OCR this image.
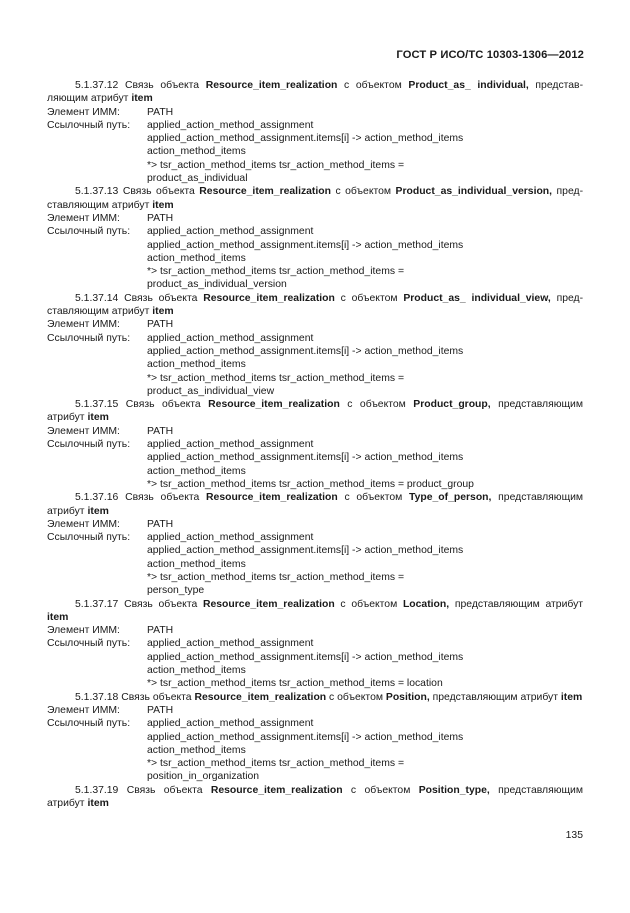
ГОСТ Р ИСО/ТС 10303-1306—2012
5.1.37.12 Связь объекта Resource_item_realization с объектом Product_as_ individual, представ-ляющим атрибут item
Элемент ИММ:	PATH
Ссылочный путь:	applied_action_method_assignment
applied_action_method_assignment.items[i] -> action_method_items
action_method_items
*> tsr_action_method_items tsr_action_method_items =
product_as_individual
5.1.37.13 Связь объекта Resource_item_realization с объектом Product_as_individual_version, пред-ставляющим атрибут item
Элемент ИММ:	PATH
Ссылочный путь:	applied_action_method_assignment
applied_action_method_assignment.items[i] -> action_method_items
action_method_items
*> tsr_action_method_items tsr_action_method_items =
product_as_individual_version
5.1.37.14 Связь объекта Resource_item_realization с объектом Product_as_ individual_view, пред-ставляющим атрибут item
Элемент ИММ:	PATH
Ссылочный путь:	applied_action_method_assignment
applied_action_method_assignment.items[i] -> action_method_items
action_method_items
*> tsr_action_method_items tsr_action_method_items =
product_as_individual_view
5.1.37.15 Связь объекта Resource_item_realization с объектом Product_group, представляющим атрибут item
Элемент ИММ:	PATH
Ссылочный путь:	applied_action_method_assignment
applied_action_method_assignment.items[i] -> action_method_items
action_method_items
*> tsr_action_method_items tsr_action_method_items = product_group
5.1.37.16 Связь объекта Resource_item_realization с объектом Type_of_person, представляющим атрибут item
Элемент ИММ:	PATH
Ссылочный путь:	applied_action_method_assignment
applied_action_method_assignment.items[i] -> action_method_items
action_method_items
*> tsr_action_method_items tsr_action_method_items =
person_type
5.1.37.17 Связь объекта Resource_item_realization с объектом Location, представляющим атрибут item
Элемент ИММ:	PATH
Ссылочный путь:	applied_action_method_assignment
applied_action_method_assignment.items[i] -> action_method_items
action_method_items
*> tsr_action_method_items tsr_action_method_items = location
5.1.37.18 Связь объекта Resource_item_realization с объектом Position, представляющим атрибут item
Элемент ИММ:	PATH
Ссылочный путь:	applied_action_method_assignment
applied_action_method_assignment.items[i] -> action_method_items
action_method_items
*> tsr_action_method_items tsr_action_method_items =
position_in_organization
5.1.37.19 Связь объекта Resource_item_realization с объектом Position_type, представляющим атрибут item
135
